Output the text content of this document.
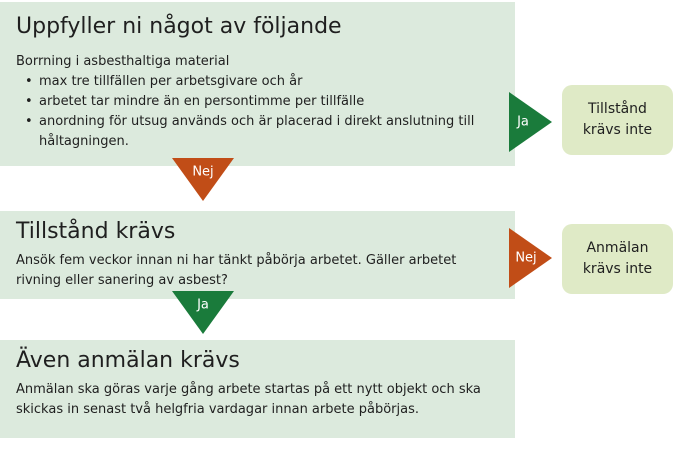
Uppfyller ni något av följande
Borrning i asbesthaltiga material
• max tre tillfällen per arbetsgivare och år
• arbetet tar mindre än en persontimme per tillfälle
• anordning för utsug används och är placerad i direkt anslutning till håltagningen.
Tillstånd krävs inte
Ja
Nej
Tillstånd krävs
Ansök fem veckor innan ni har tänkt påbörja arbetet. Gäller arbetet rivning eller sanering av asbest?
Anmälan krävs inte
Nej
Ja
Även anmälan krävs
Anmälan ska göras varje gång arbete startas på ett nytt objekt och ska skickas in senast två helgfria vardagar innan arbete påbörjas.
